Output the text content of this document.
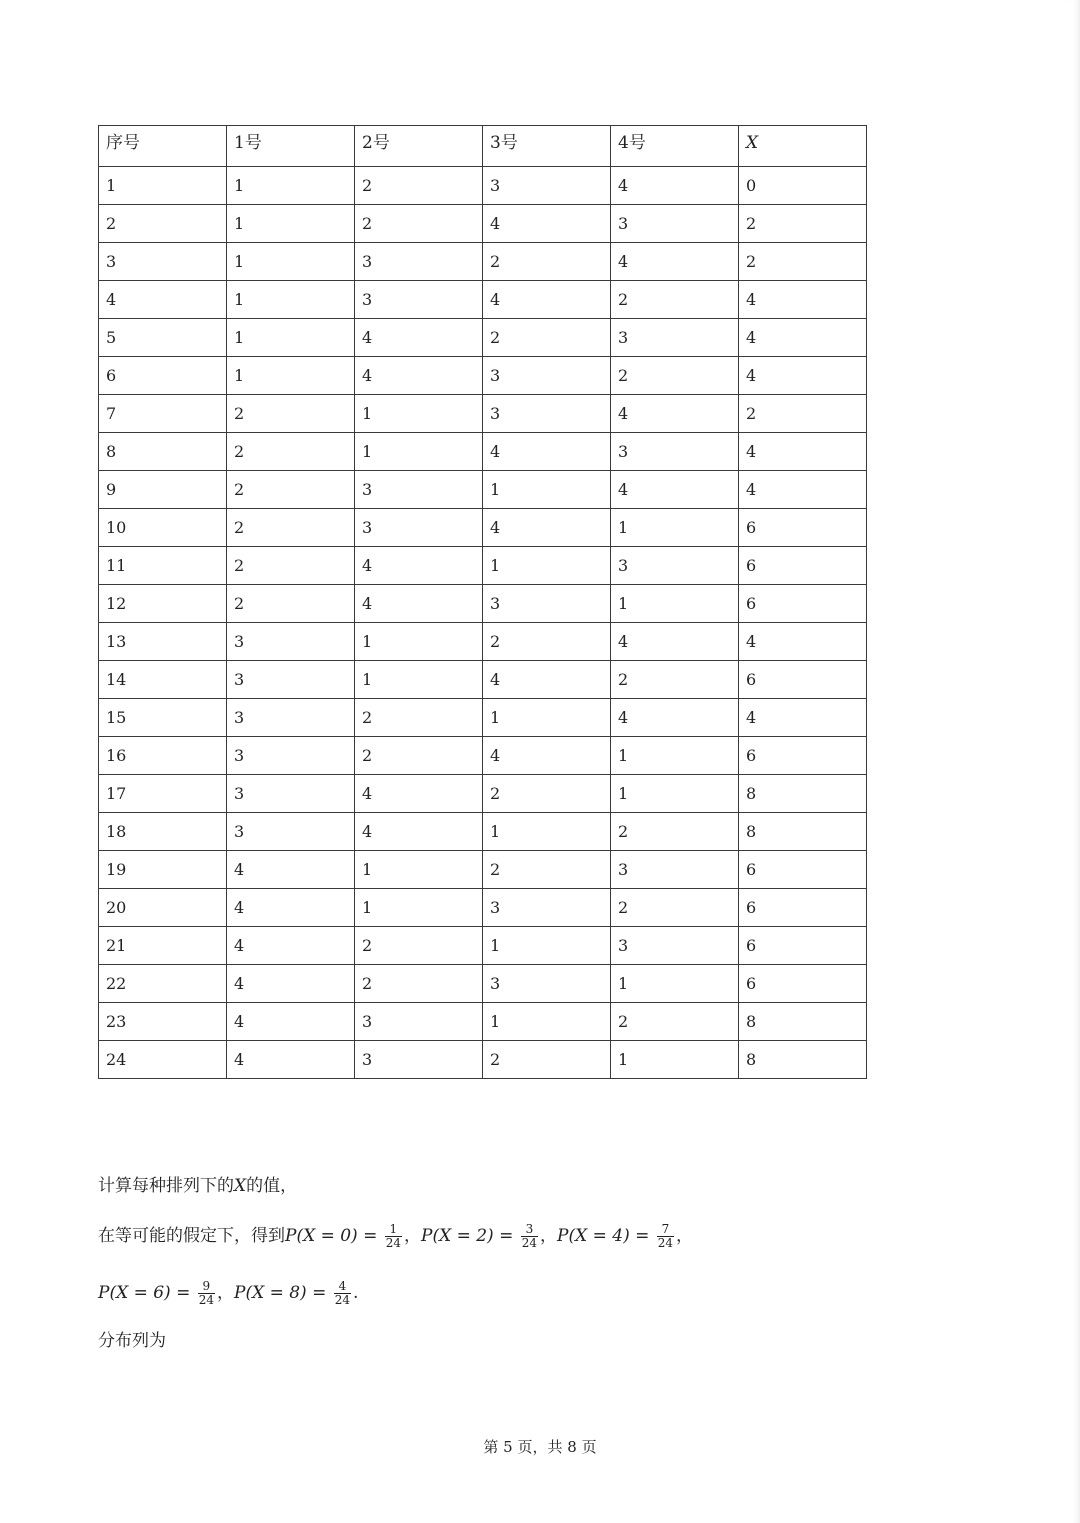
序号	1号	2号	3号	4号	X
1	1	2	3	4	0
2	1	2	4	3	2
3	1	3	2	4	2
4	1	3	4	2	4
5	1	4	2	3	4
6	1	4	3	2	4
7	2	1	3	4	2
8	2	1	4	3	4
9	2	3	1	4	4
10	2	3	4	1	6
11	2	4	1	3	6
12	2	4	3	1	6
13	3	1	2	4	4
14	3	1	4	2	6
15	3	2	1	4	4
16	3	2	4	1	6
17	3	4	2	1	8
18	3	4	1	2	8
19	4	1	2	3	6
20	4	1	3	2	6
21	4	2	1	3	6
22	4	2	3	1	6
23	4	3	1	2	8
24	4	3	2	1	8
计算每种排列下的X的值，
在等可能的假定下，得到$P(X = 0) = \frac{1}{24}$ ，$P(X = 2) = \frac{3}{24}$ ，$P(X = 4) = \frac{7}{24}$ ，
$P(X = 6) = \frac{9}{24}$ ，$P(X = 8) = \frac{4}{24}$ .
分布列为
第 5 页，共 8 页
